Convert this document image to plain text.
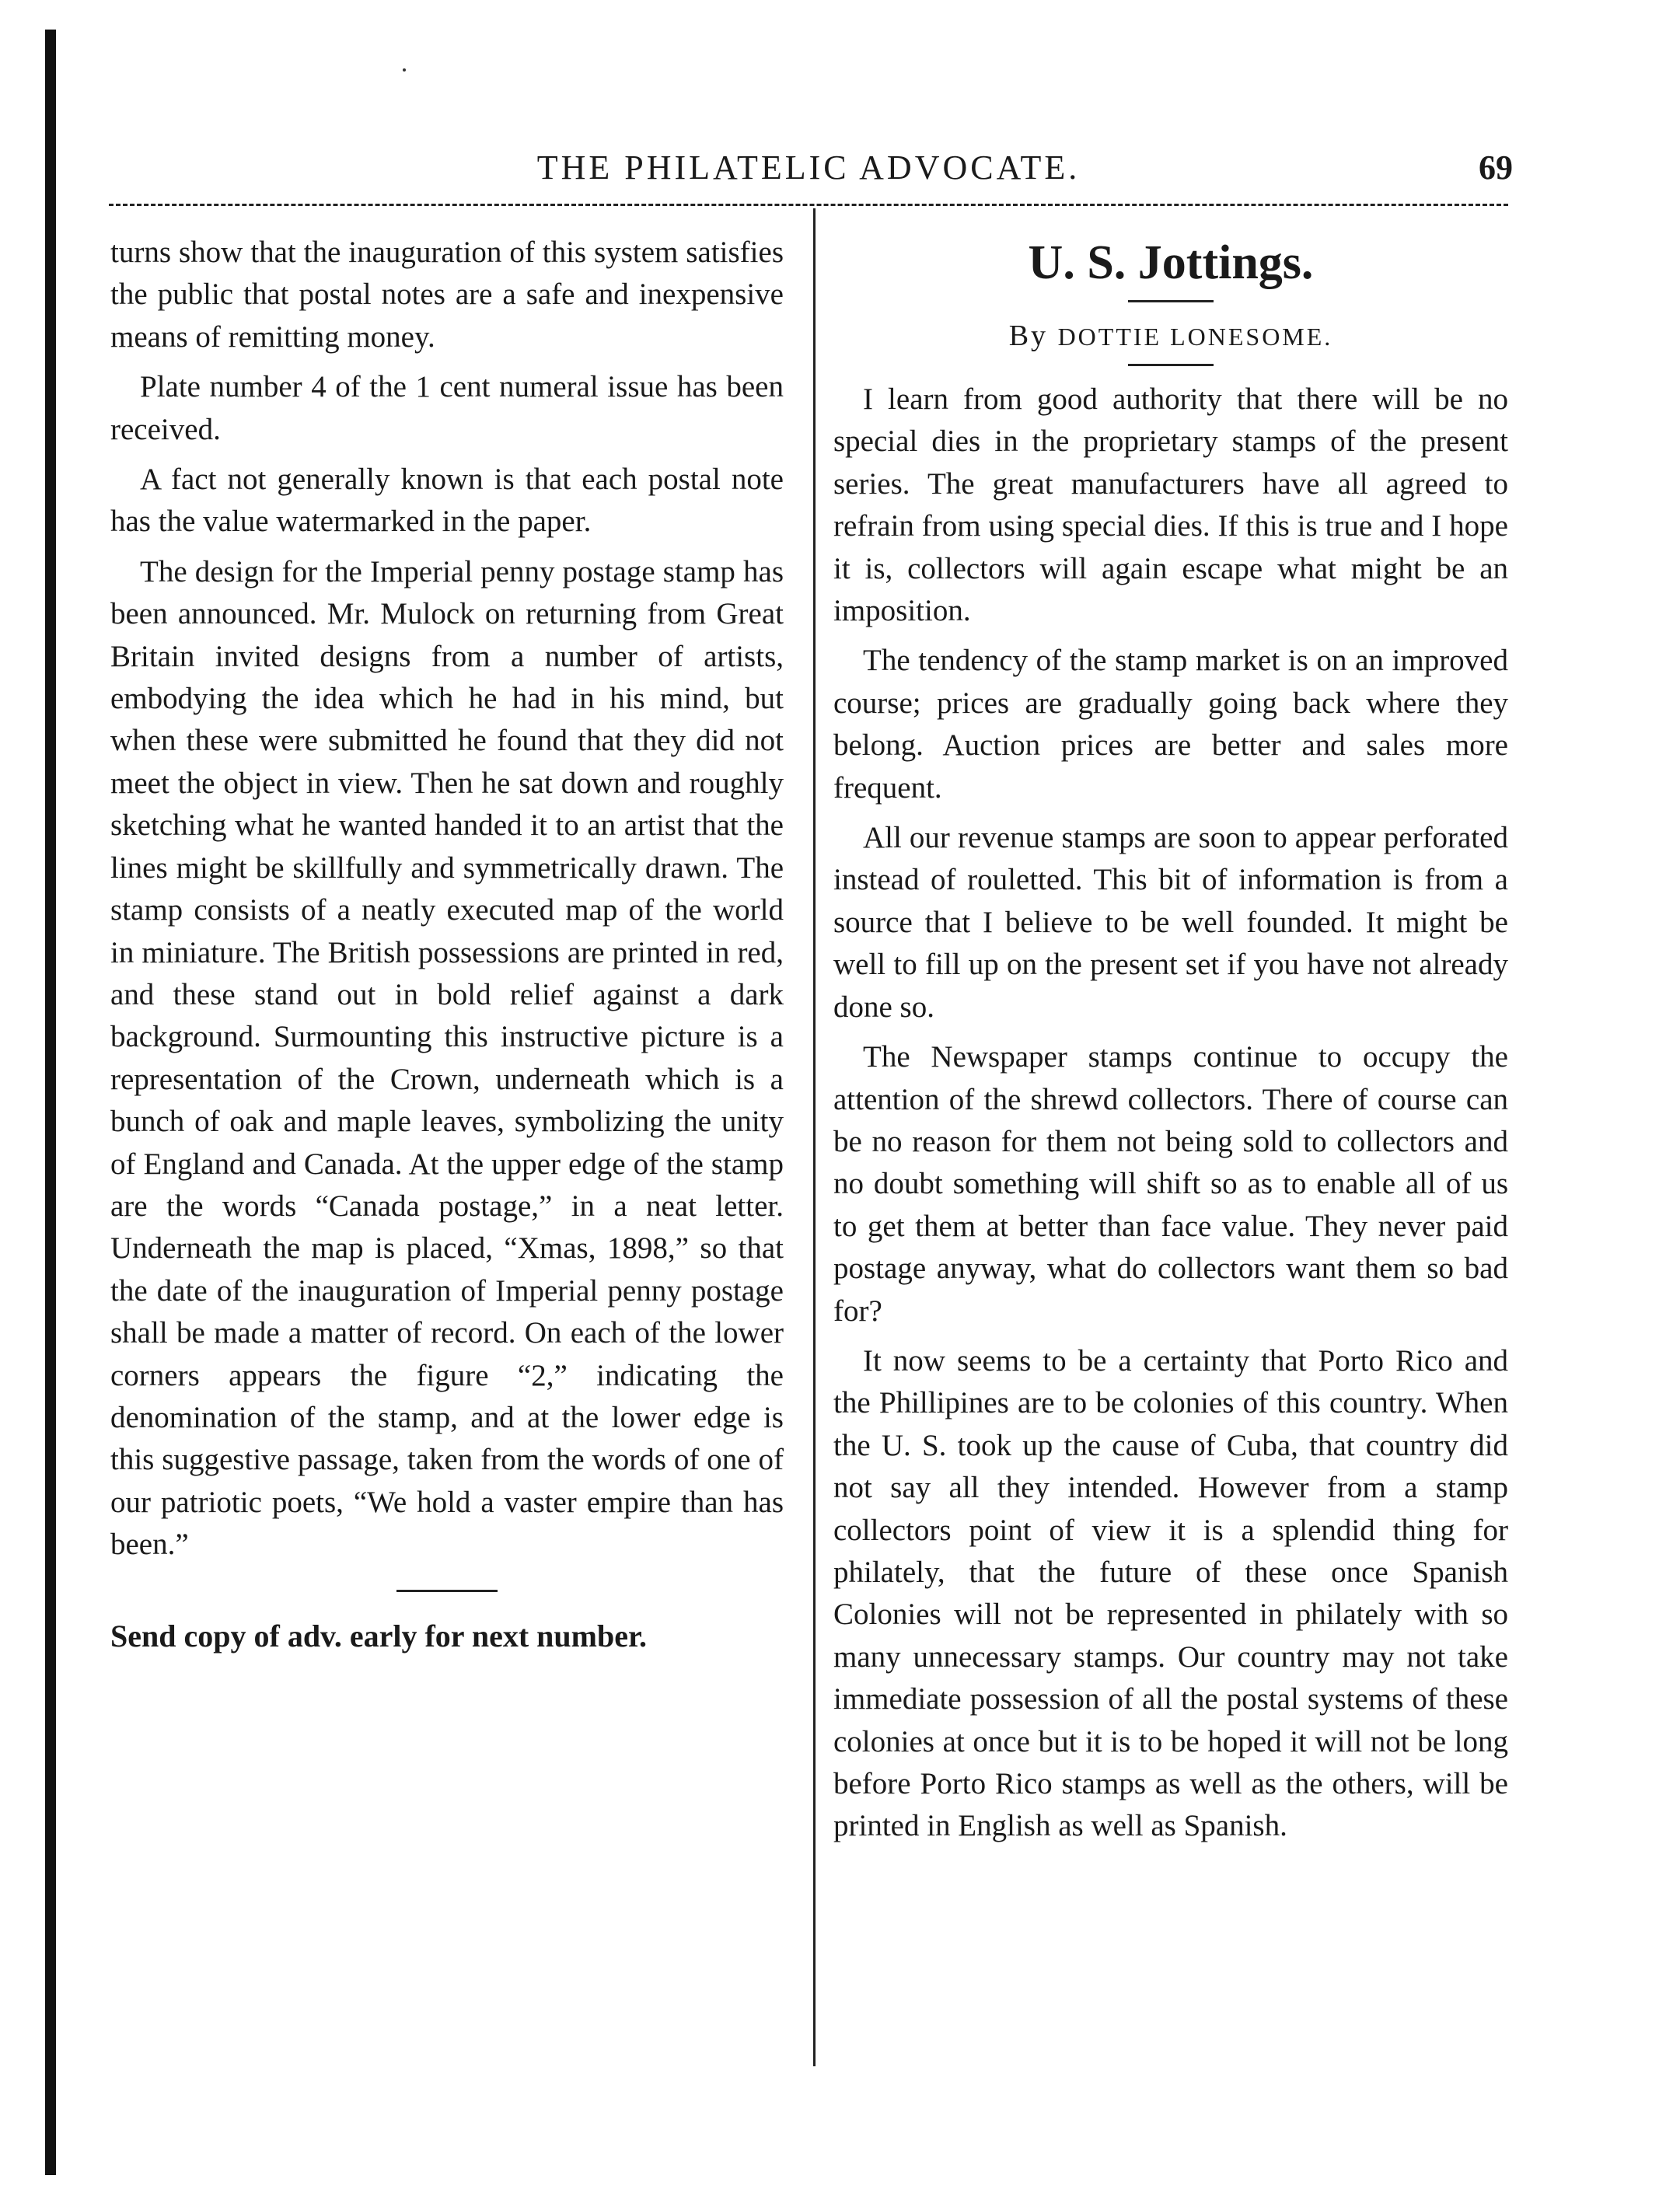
THE PHILATELIC ADVOCATE.	69

turns show that the inauguration of this system satisfies the public that postal notes are a safe and inexpensive means of remitting money.

Plate number 4 of the 1 cent numeral issue has been received.

A fact not generally known is that each postal note has the value watermarked in the paper.

The design for the Imperial penny postage stamp has been announced. Mr. Mulock on returning from Great Britain invited designs from a number of artists, embodying the idea which he had in his mind, but when these were submitted he found that they did not meet the object in view. Then he sat down and roughly sketching what he wanted handed it to an artist that the lines might be skillfully and symmetrically drawn. The stamp consists of a neatly executed map of the world in miniature. The British possessions are printed in red, and these stand out in bold relief against a dark background. Surmounting this instructive picture is a representation of the Crown, underneath which is a bunch of oak and maple leaves, symbolizing the unity of England and Canada. At the upper edge of the stamp are the words “Canada postage,” in a neat letter. Underneath the map is placed, “Xmas, 1898,” so that the date of the inauguration of Imperial penny postage shall be made a matter of record. On each of the lower corners appears the figure “2,” indicating the denomination of the stamp, and at the lower edge is this suggestive passage, taken from the words of one of our patriotic poets, “We hold a vaster empire than has been.”

Send copy of adv. early for next number.

U. S. Jottings.
By DOTTIE LONESOME.

I learn from good authority that there will be no special dies in the proprietary stamps of the present series. The great manufacturers have all agreed to refrain from using special dies. If this is true and I hope it is, collectors will again escape what might be an imposition.

The tendency of the stamp market is on an improved course; prices are gradually going back where they belong. Auction prices are better and sales more frequent.

All our revenue stamps are soon to appear perforated instead of rouletted. This bit of information is from a source that I believe to be well founded. It might be well to fill up on the present set if you have not already done so.

The Newspaper stamps continue to occupy the attention of the shrewd collectors. There of course can be no reason for them not being sold to collectors and no doubt something will shift so as to enable all of us to get them at better than face value. They never paid postage anyway, what do collectors want them so bad for?

It now seems to be a certainty that Porto Rico and the Phillipines are to be colonies of this country. When the U. S. took up the cause of Cuba, that country did not say all they intended. However from a stamp collectors point of view it is a splendid thing for philately, that the future of these once Spanish Colonies will not be represented in philately with so many unnecessary stamps. Our country may not take immediate possession of all the postal systems of these colonies at once but it is to be hoped it will not be long before Porto Rico stamps as well as the others, will be printed in English as well as Spanish.
